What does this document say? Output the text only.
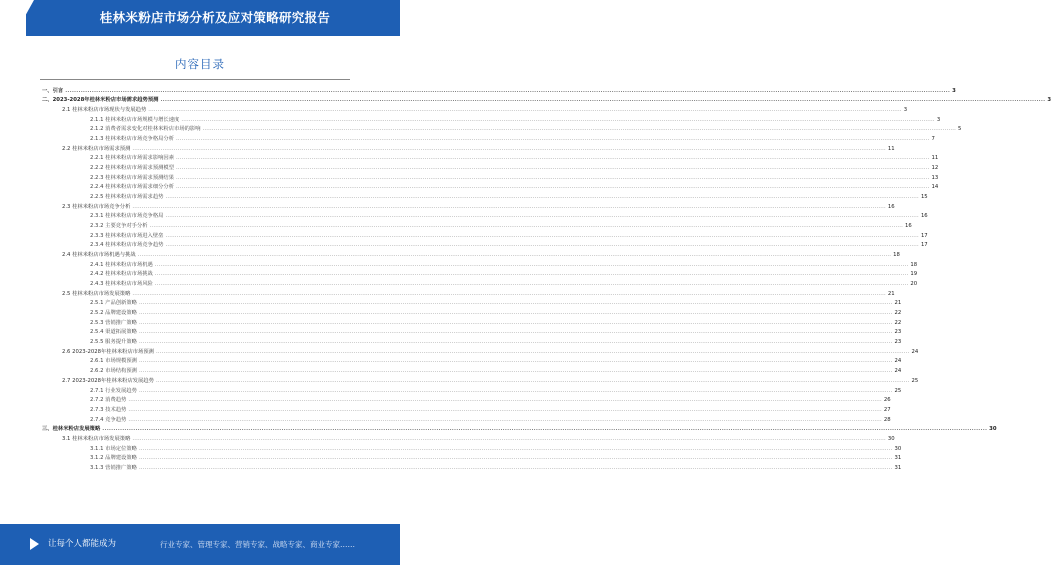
桂林米粉店市场分析及应对策略研究报告
内容目录
一、引言 ................................................................................................................................................................................................................................................................................................................................................................................................................ 3
二、2023-2028年桂林米粉店市场需求趋势预测 ................................................................................................................................................................................................................................................................................................................................................................................................................ 3
2.1 桂林米粉店市场现状与发展趋势 ................................................................................................................................................................................................................................................................................................................................................................................................................ 3
2.1.1 桂林米粉店市场规模与增长速度 ................................................................................................................................................................................................................................................................................................................................................................................................................ 3
2.1.2 消费者需求变化对桂林米粉店市场的影响 ................................................................................................................................................................................................................................................................................................................................................................................................................ 5
2.1.3 桂林米粉店市场竞争格局分析 ................................................................................................................................................................................................................................................................................................................................................................................................................ 7
2.2 桂林米粉店市场需求预测 ................................................................................................................................................................................................................................................................................................................................................................................................................ 11
2.2.1 桂林米粉店市场需求影响因素 ................................................................................................................................................................................................................................................................................................................................................................................................................ 11
2.2.2 桂林米粉店市场需求预测模型 ................................................................................................................................................................................................................................................................................................................................................................................................................ 12
2.2.3 桂林米粉店市场需求预测结果 ................................................................................................................................................................................................................................................................................................................................................................................................................ 13
2.2.4 桂林米粉店市场需求细分分析 ................................................................................................................................................................................................................................................................................................................................................................................................................ 14
2.2.5 桂林米粉店市场需求趋势 ................................................................................................................................................................................................................................................................................................................................................................................................................ 15
2.3 桂林米粉店市场竞争分析 ................................................................................................................................................................................................................................................................................................................................................................................................................ 16
2.3.1 桂林米粉店市场竞争格局 ................................................................................................................................................................................................................................................................................................................................................................................................................ 16
2.3.2 主要竞争对手分析 ................................................................................................................................................................................................................................................................................................................................................................................................................ 16
2.3.3 桂林米粉店市场进入壁垒 ................................................................................................................................................................................................................................................................................................................................................................................................................ 17
2.3.4 桂林米粉店市场竞争趋势 ................................................................................................................................................................................................................................................................................................................................................................................................................ 17
2.4 桂林米粉店市场机遇与挑战 ................................................................................................................................................................................................................................................................................................................................................................................................................ 18
2.4.1 桂林米粉店市场机遇 ................................................................................................................................................................................................................................................................................................................................................................................................................ 18
2.4.2 桂林米粉店市场挑战 ................................................................................................................................................................................................................................................................................................................................................................................................................ 19
2.4.3 桂林米粉店市场风险 ................................................................................................................................................................................................................................................................................................................................................................................................................ 20
2.5 桂林米粉店市场发展策略 ................................................................................................................................................................................................................................................................................................................................................................................................................ 21
2.5.1 产品创新策略 ................................................................................................................................................................................................................................................................................................................................................................................................................ 21
2.5.2 品牌建设策略 ................................................................................................................................................................................................................................................................................................................................................................................................................ 22
2.5.3 营销推广策略 ................................................................................................................................................................................................................................................................................................................................................................................................................ 22
2.5.4 渠道拓展策略 ................................................................................................................................................................................................................................................................................................................................................................................................................ 23
2.5.5 服务提升策略 ................................................................................................................................................................................................................................................................................................................................................................................................................ 23
2.6 2023-2028年桂林米粉店市场预测 ................................................................................................................................................................................................................................................................................................................................................................................................................ 24
2.6.1 市场规模预测 ................................................................................................................................................................................................................................................................................................................................................................................................................ 24
2.6.2 市场结构预测 ................................................................................................................................................................................................................................................................................................................................................................................................................ 24
2.7 2023-2028年桂林米粉店发展趋势 ................................................................................................................................................................................................................................................................................................................................................................................................................ 25
2.7.1 行业发展趋势 ................................................................................................................................................................................................................................................................................................................................................................................................................ 25
2.7.2 消费趋势 ................................................................................................................................................................................................................................................................................................................................................................................................................ 26
2.7.3 技术趋势 ................................................................................................................................................................................................................................................................................................................................................................................................................ 27
2.7.4 竞争趋势 ................................................................................................................................................................................................................................................................................................................................................................................................................ 28
三、桂林米粉店发展策略 ................................................................................................................................................................................................................................................................................................................................................................................................................ 30
3.1 桂林米粉店市场发展策略 ................................................................................................................................................................................................................................................................................................................................................................................................................ 30
3.1.1 市场定位策略 ................................................................................................................................................................................................................................................................................................................................................................................................................ 30
3.1.2 品牌建设策略 ................................................................................................................................................................................................................................................................................................................................................................................................................ 31
3.1.3 营销推广策略 ................................................................................................................................................................................................................................................................................................................................................................................................................ 31
让每个人都能成为	行业专家、管理专家、营销专家、战略专家、商业专家……
